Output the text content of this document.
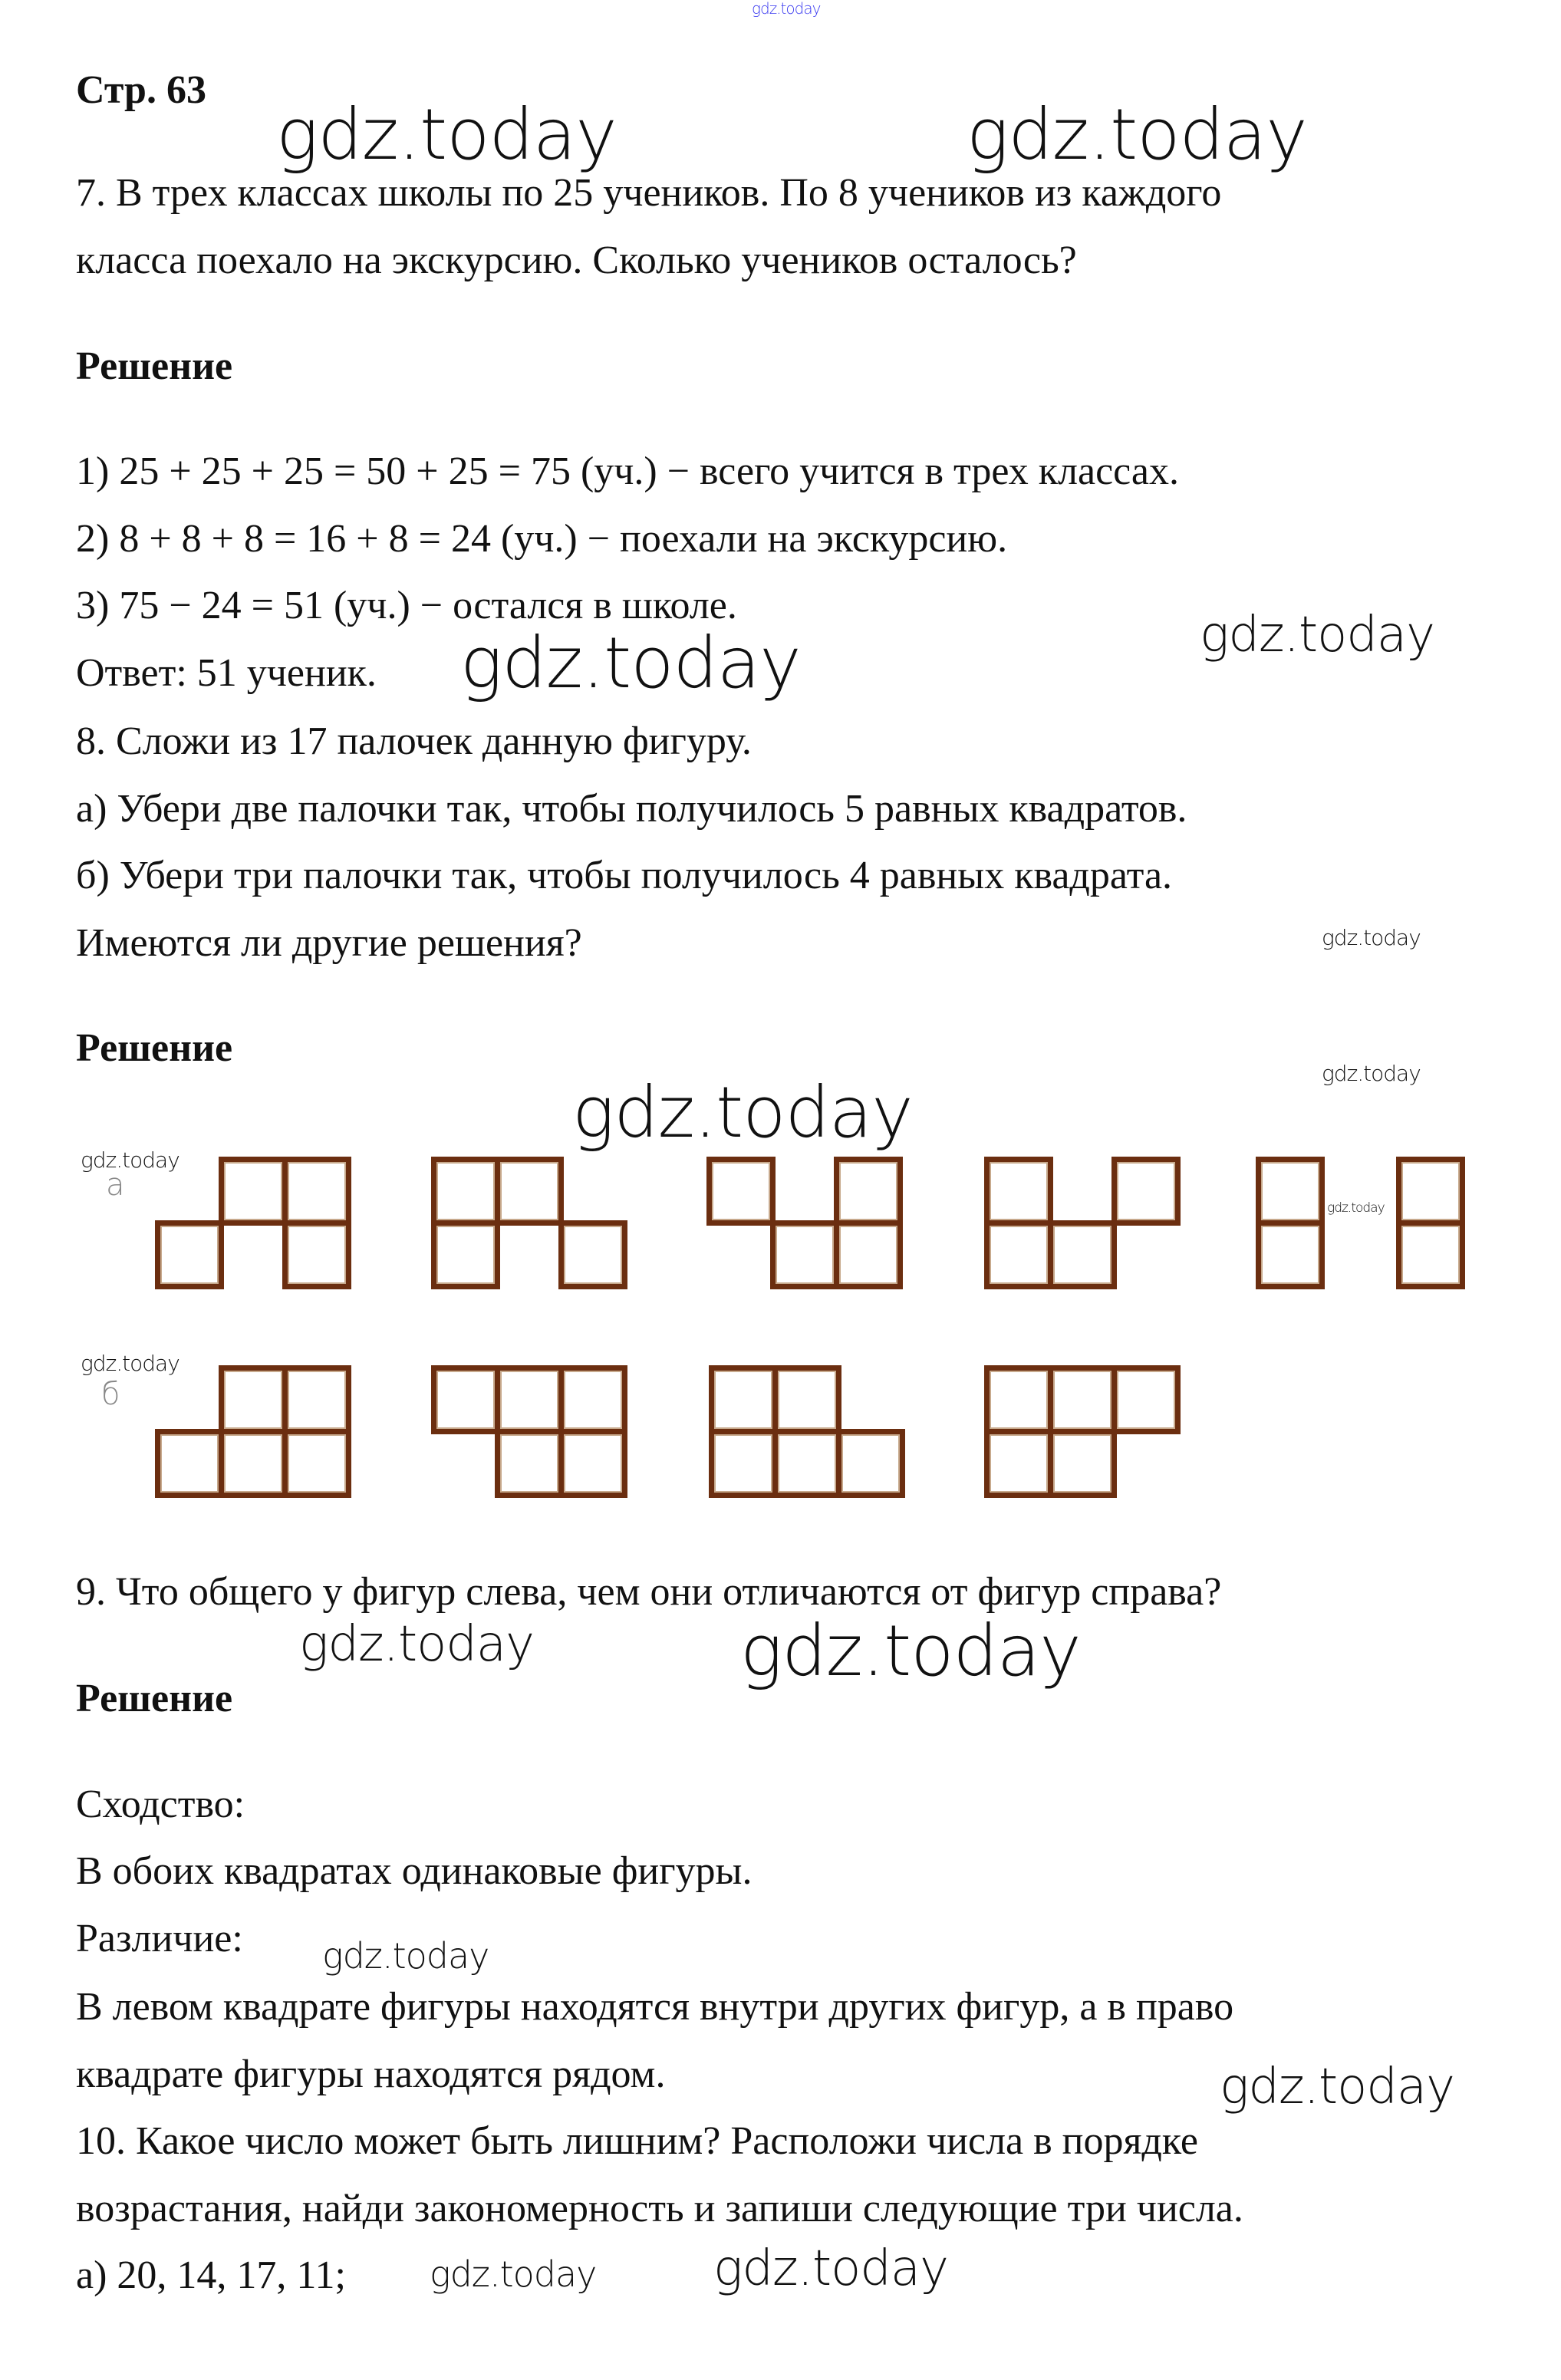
gdz.today
Стр. 63
7. В трех классах школы по 25 учеников. По 8 учеников из каждого
класса поехало на экскурсию. Сколько учеников осталось?
Решение
1) 25 + 25 + 25 = 50 + 25 = 75 (уч.) − всего учится в трех классах.
2) 8 + 8 + 8 = 16 + 8 = 24 (уч.) − поехали на экскурсию.
3) 75 − 24 = 51 (уч.) − остался в школе.
Ответ: 51 ученик.
8. Сложи из 17 палочек данную фигуру.
а) Убери две палочки так, чтобы получилось 5 равных квадратов.
б) Убери три палочки так, чтобы получилось 4 равных квадрата.
Имеются ли другие решения?
Решение
а
б
9. Что общего у фигур слева, чем они отличаются от фигур справа?
Решение
Сходство:
В обоих квадратах одинаковые фигуры.
Различие:
В левом квадрате фигуры находятся внутри других фигур, а в право
квадрате фигуры находятся рядом.
10. Какое число может быть лишним? Расположи числа в порядке
возрастания, найди закономерность и запиши следующие три числа.
а) 20, 14, 17, 11;
gdz.today	gdz.today
gdz.today	gdz.today
gdz.today
gdz.today
gdz.today
gdz.today
gdz.today
gdz.today
gdz.today
gdz.today
gdz.today
gdz.today
gdz.today gdz.today
